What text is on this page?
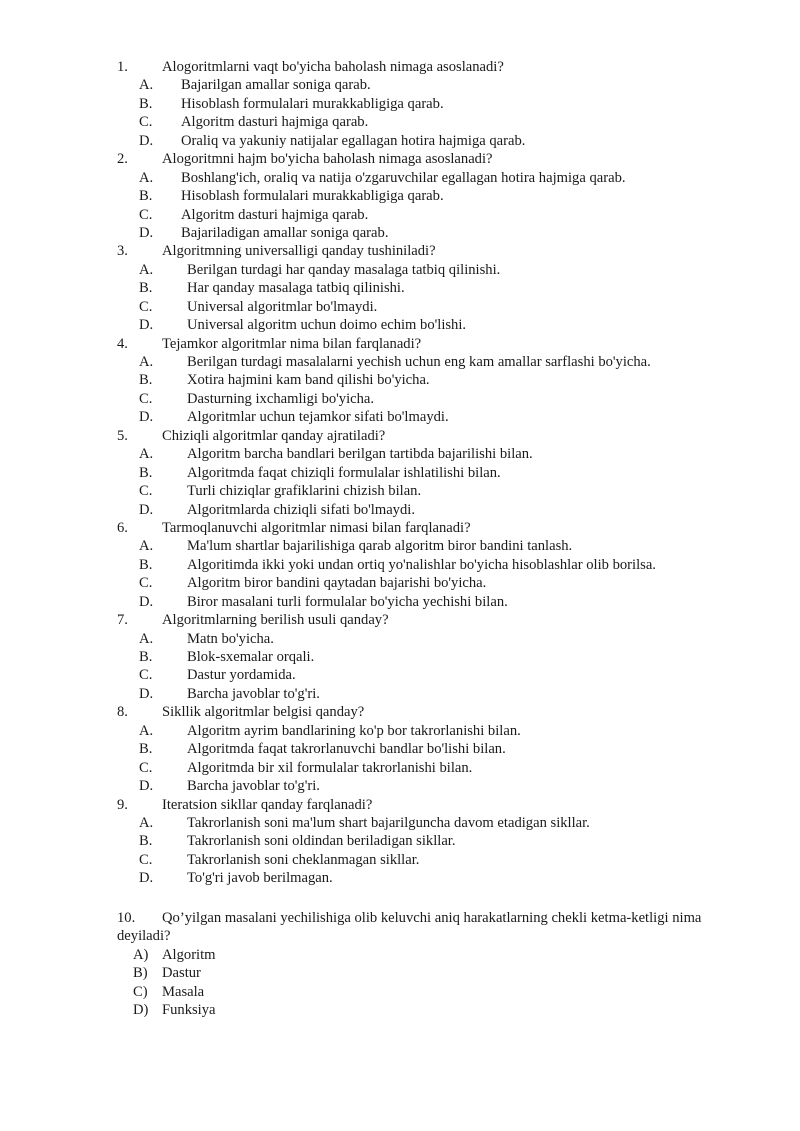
1. Alogoritmlarni vaqt bo'yicha baholash nimaga asoslanadi?
A. Bajarilgan amallar soniga qarab.
B. Hisoblash formulalari murakkabligiga qarab.
C. Algoritm dasturi hajmiga qarab.
D. Oraliq va yakuniy natijalar egallagan hotira hajmiga qarab.
2. Alogoritmni hajm bo'yicha baholash nimaga asoslanadi?
A. Boshlang'ich, oraliq va natija o'zgaruvchilar egallagan hotira hajmiga qarab.
B. Hisoblash formulalari murakkabligiga qarab.
C. Algoritm dasturi hajmiga qarab.
D. Bajariladigan amallar soniga qarab.
3. Algoritmning universalligi qanday tushiniladi?
A. Berilgan turdagi har qanday masalaga tatbiq qilinishi.
B. Har qanday masalaga tatbiq qilinishi.
C. Universal algoritmlar bo'lmaydi.
D. Universal algoritm uchun doimo echim bo'lishi.
4. Tejamkor algoritmlar nima bilan farqlanadi?
A. Berilgan turdagi masalalarni yechish uchun eng kam amallar sarflashi bo'yicha.
B. Xotira hajmini kam band qilishi bo'yicha.
C. Dasturning ixchamligi bo'yicha.
D. Algoritmlar uchun tejamkor sifati bo'lmaydi.
5. Chiziqli algoritmlar qanday ajratiladi?
A. Algoritm barcha bandlari berilgan tartibda bajarilishi bilan.
B. Algoritmda faqat chiziqli formulalar ishlatilishi bilan.
C. Turli chiziqlar grafiklarini chizish bilan.
D. Algoritmlarda chiziqli sifati bo'lmaydi.
6. Tarmoqlanuvchi algoritmlar nimasi bilan farqlanadi?
A. Ma'lum shartlar bajarilishiga qarab algoritm biror bandini tanlash.
B. Algoritimda ikki yoki undan ortiq yo'nalishlar bo'yicha hisoblashlar olib borilsa.
C. Algoritm biror bandini qaytadan bajarishi bo'yicha.
D. Biror masalani turli formulalar bo'yicha yechishi bilan.
7. Algoritmlarning berilish usuli qanday?
A. Matn bo'yicha.
B. Blok-sxemalar orqali.
C. Dastur yordamida.
D. Barcha javoblar to'g'ri.
8. Sikllik algoritmlar belgisi qanday?
A. Algoritm ayrim bandlarining ko'p bor takrorlanishi bilan.
B. Algoritmda faqat takrorlanuvchi bandlar bo'lishi bilan.
C. Algoritmda bir xil formulalar takrorlanishi bilan.
D. Barcha javoblar to'g'ri.
9. Iteratsion sikllar qanday farqlanadi?
A. Takrorlanish soni ma'lum shart bajarilguncha davom etadigan sikllar.
B. Takrorlanish soni oldindan beriladigan sikllar.
C. Takrorlanish soni cheklanmagan sikllar.
D. To'g'ri javob berilmagan.
10. Qo’yilgan masalani yechilishiga olib keluvchi aniq harakatlarning chekli ketma-ketligi nima deyiladi?
A) Algoritm
B) Dastur
C) Masala
D) Funksiya
